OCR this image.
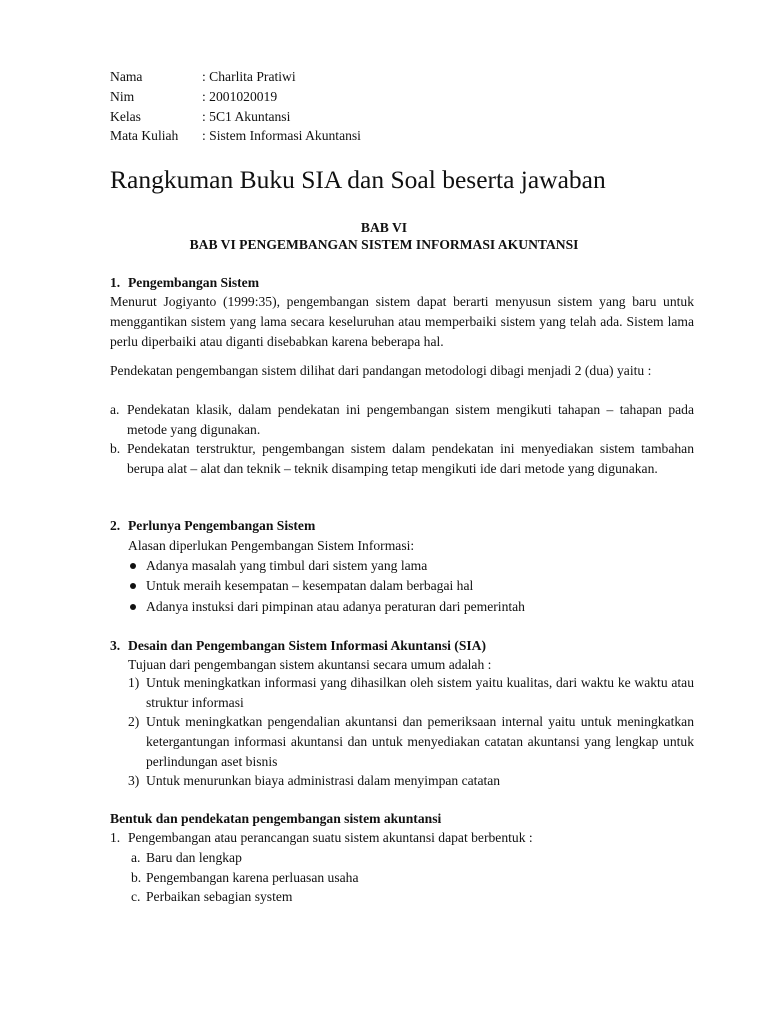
Nama	: Charlita Pratiwi

Nim	: 2001020019

Kelas	: 5C1 Akuntansi

Mata Kuliah : Sistem Informasi Akuntansi

Rangkuman Buku SIA dan Soal beserta jawaban

BAB VI

BAB VI PENGEMBANGAN SISTEM INFORMASI AKUNTANSI

1. Pengembangan Sistem

Menurut Jogiyanto (1999:35), pengembangan sistem dapat berarti menyusun sistem yang baru untuk menggantikan sistem yang lama secara keseluruhan atau memperbaiki sistem yang telah ada. Sistem lama perlu diperbaiki atau diganti disebabkan karena beberapa hal.

Pendekatan pengembangan sistem dilihat dari pandangan metodologi dibagi menjadi 2 (dua) yaitu :

a. Pendekatan klasik, dalam pendekatan ini pengembangan sistem mengikuti tahapan – tahapan pada metode yang digunakan.

b. Pendekatan terstruktur, pengembangan sistem dalam pendekatan ini menyediakan sistem tambahan berupa alat – alat dan teknik – teknik disamping tetap mengikuti ide dari metode yang digunakan.

2. Perlunya Pengembangan Sistem

Alasan diperlukan Pengembangan Sistem Informasi:

Adanya masalah yang timbul dari sistem yang lama

Untuk meraih kesempatan – kesempatan dalam berbagai hal

Adanya instuksi dari pimpinan atau adanya peraturan dari pemerintah

3. Desain dan Pengembangan Sistem Informasi Akuntansi (SIA)

Tujuan dari pengembangan sistem akuntansi secara umum adalah :

1) Untuk meningkatkan informasi yang dihasilkan oleh sistem yaitu kualitas, dari waktu ke waktu atau struktur informasi

2) Untuk meningkatkan pengendalian akuntansi dan pemeriksaan internal yaitu untuk meningkatkan ketergantungan informasi akuntansi dan untuk menyediakan catatan akuntansi yang lengkap untuk perlindungan aset bisnis

3) Untuk menurunkan biaya administrasi dalam menyimpan catatan

Bentuk dan pendekatan pengembangan sistem akuntansi

1. Pengembangan atau perancangan suatu sistem akuntansi dapat berbentuk :

a. Baru dan lengkap

b. Pengembangan karena perluasan usaha

c. Perbaikan sebagian system
